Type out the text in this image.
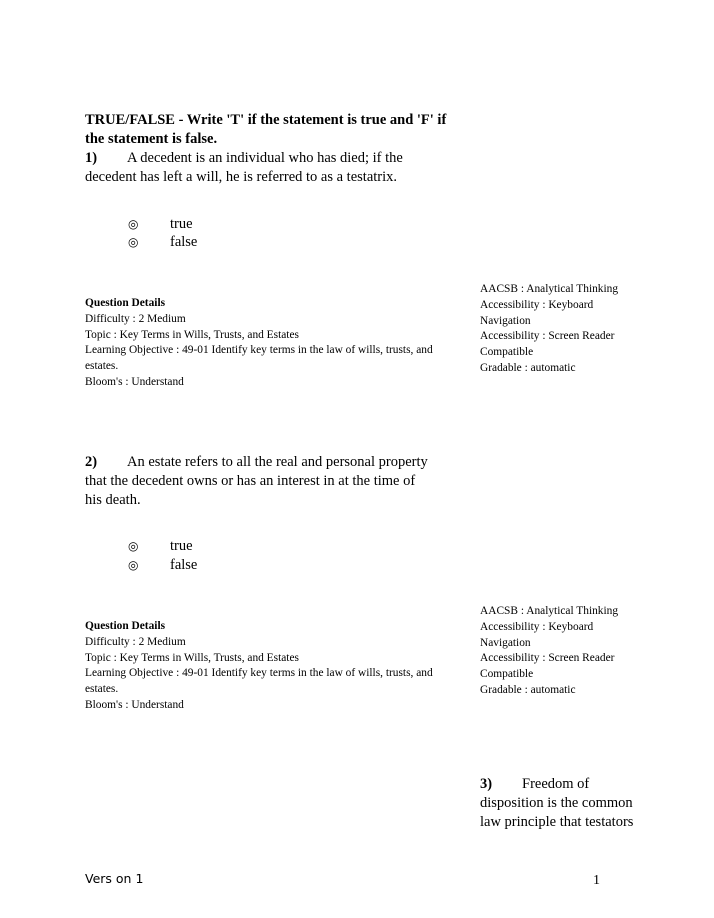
TRUE/FALSE - Write 'T' if the statement is true and 'F' if the statement is false.
1) A decedent is an individual who has died; if the decedent has left a will, he is referred to as a testatrix.
◎ true
◎ false
Question Details
Difficulty : 2 Medium
Topic : Key Terms in Wills, Trusts, and Estates
Learning Objective : 49-01 Identify key terms in the law of wills, trusts, and estates.
Bloom's : Understand
AACSB : Analytical Thinking
Accessibility : Keyboard Navigation
Accessibility : Screen Reader Compatible
Gradable : automatic
2) An estate refers to all the real and personal property that the decedent owns or has an interest in at the time of his death.
◎ true
◎ false
Question Details
Difficulty : 2 Medium
Topic : Key Terms in Wills, Trusts, and Estates
Learning Objective : 49-01 Identify key terms in the law of wills, trusts, and estates.
Bloom's : Understand
AACSB : Analytical Thinking
Accessibility : Keyboard Navigation
Accessibility : Screen Reader Compatible
Gradable : automatic
3) Freedom of disposition is the common law principle that testators
Vers on 1	1
